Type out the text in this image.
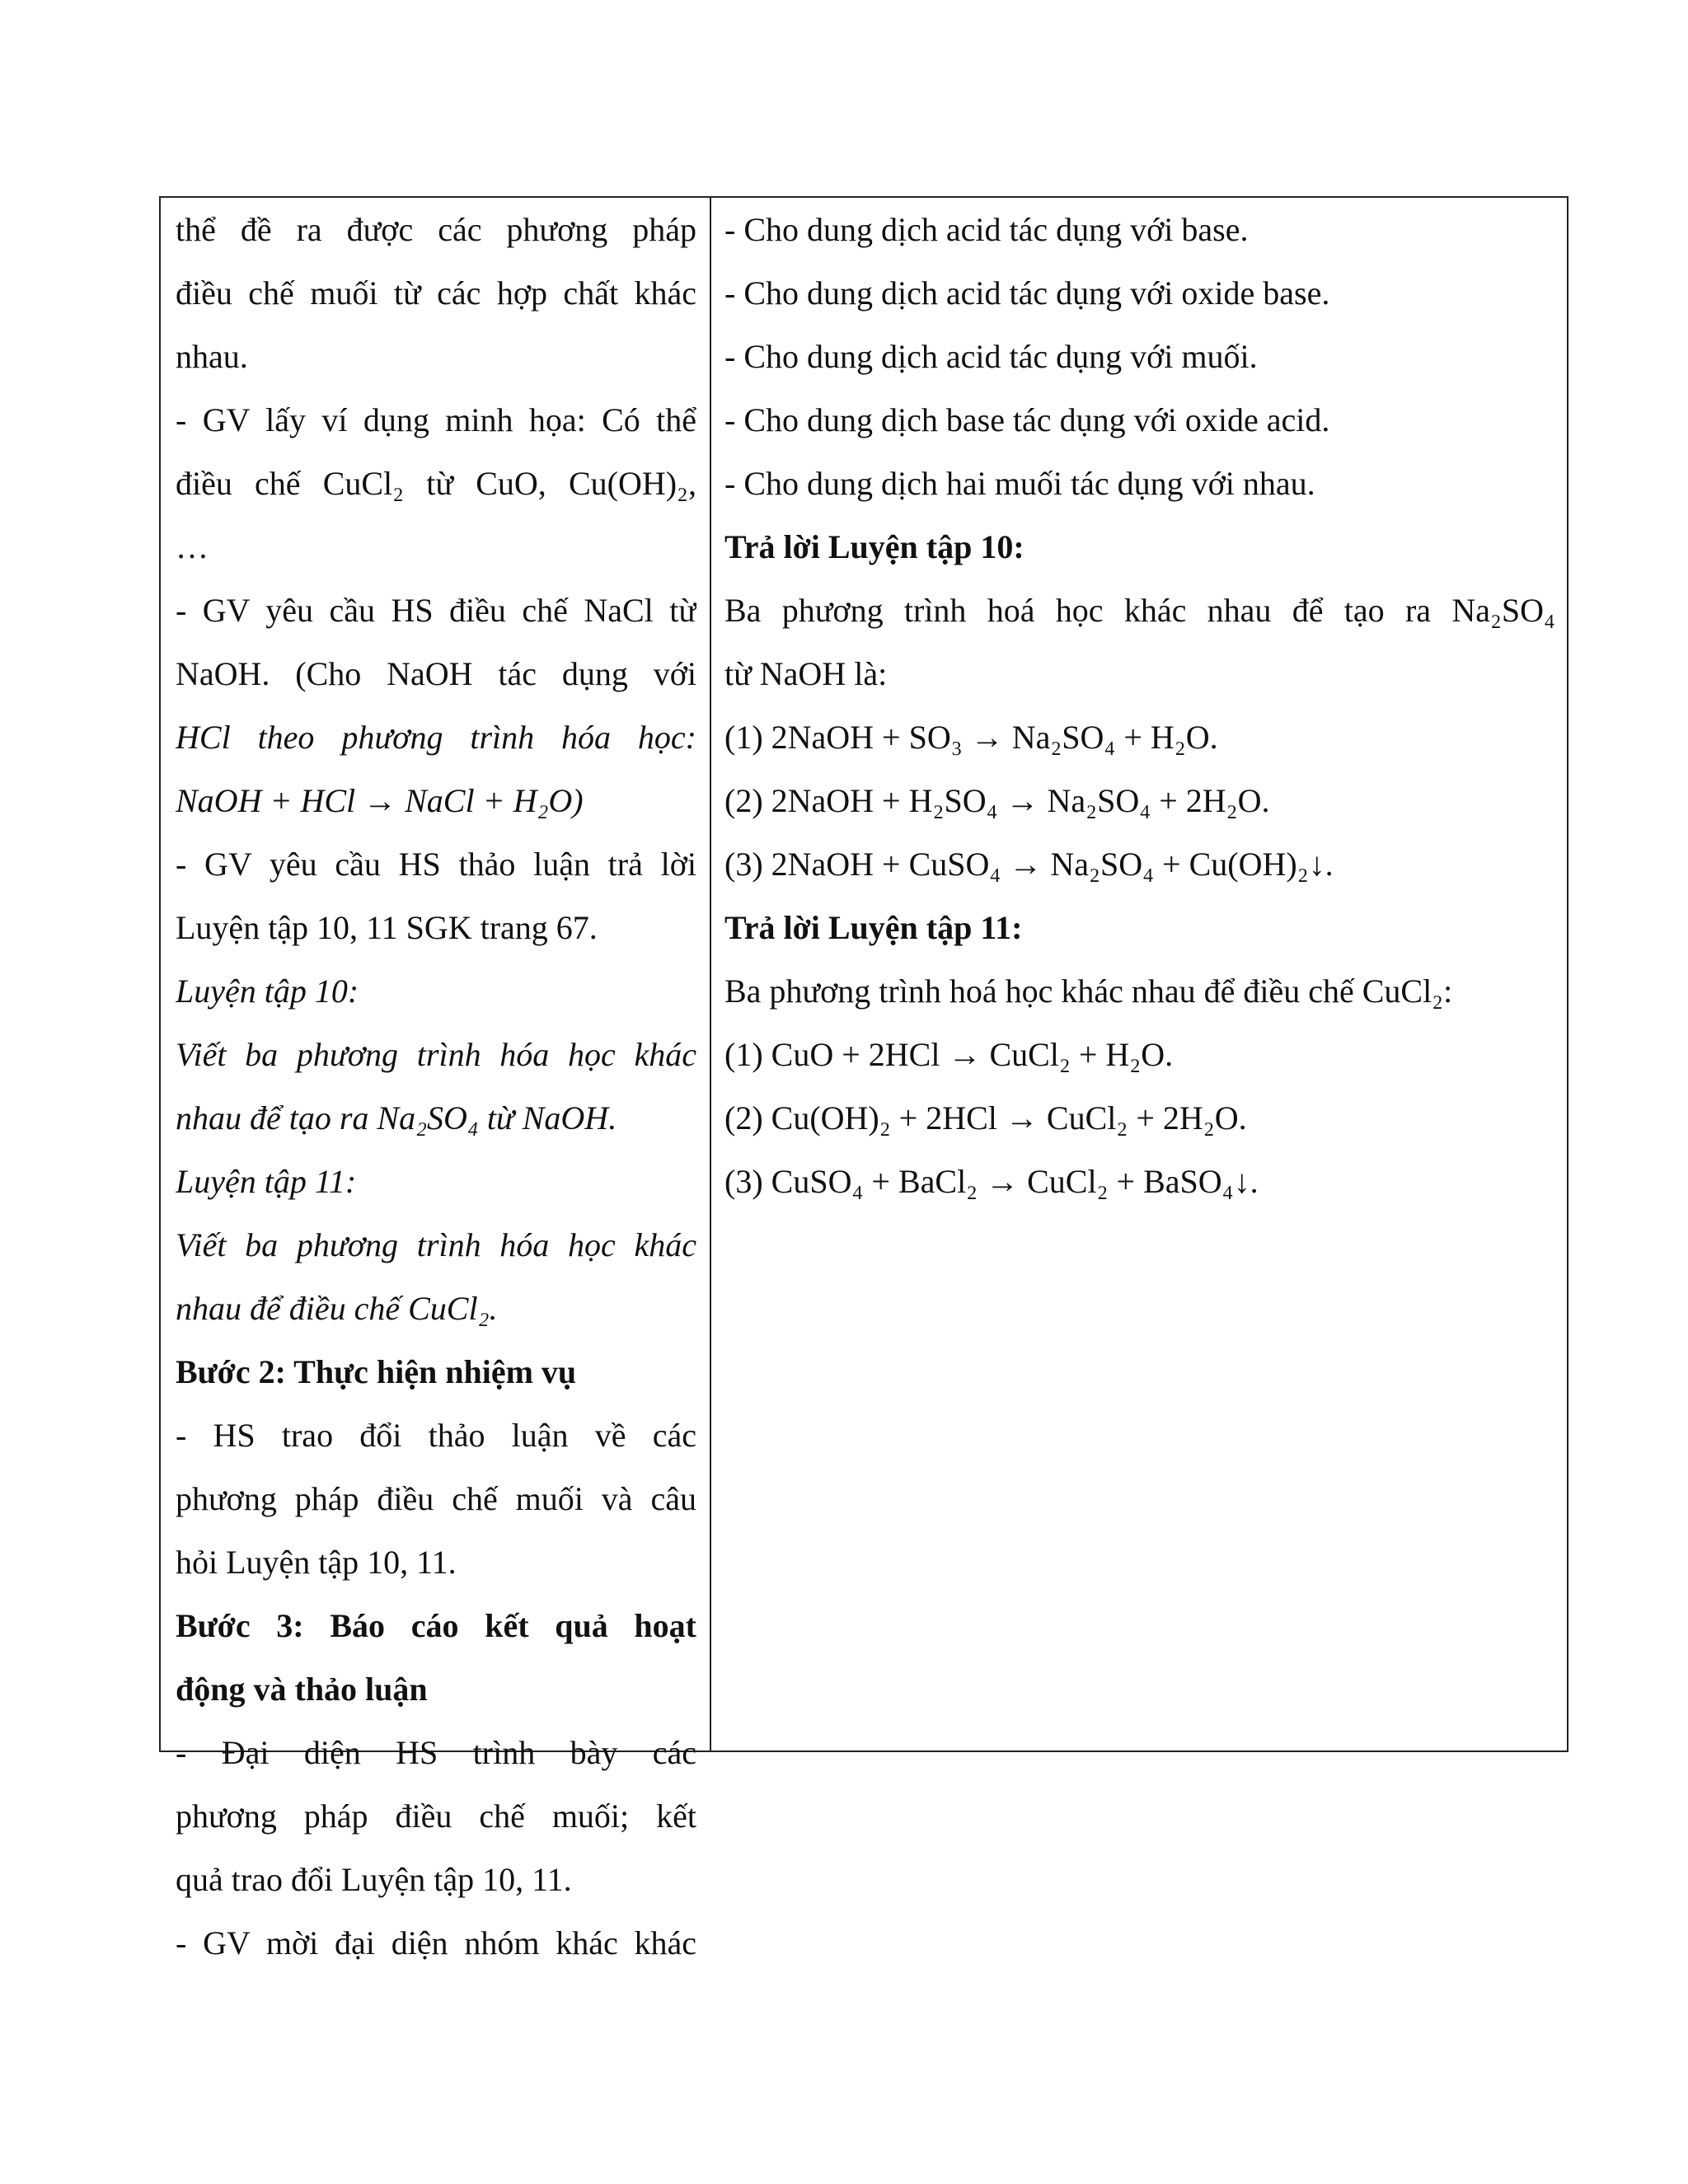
thể đề ra được các phương pháp
điều chế muối từ các hợp chất khác
nhau.
- GV lấy ví dụng minh họa: Có thể
điều chế CuCl₂ từ CuO, Cu(OH)₂,
…
- GV yêu cầu HS điều chế NaCl từ
NaOH. (Cho NaOH tác dụng với
HCl theo phương trình hóa học:
NaOH + HCl → NaCl + H₂O)
- GV yêu cầu HS thảo luận trả lời
Luyện tập 10, 11 SGK trang 67.
Luyện tập 10:
Viết ba phương trình hóa học khác
nhau để tạo ra Na₂SO₄ từ NaOH.
Luyện tập 11:
Viết ba phương trình hóa học khác
nhau để điều chế CuCl₂.
Bước 2: Thực hiện nhiệm vụ
- HS trao đổi thảo luận về các
phương pháp điều chế muối và câu
hỏi Luyện tập 10, 11.
Bước 3: Báo cáo kết quả hoạt
động và thảo luận
- Đại diện HS trình bày các
phương pháp điều chế muối; kết
quả trao đổi Luyện tập 10, 11.
- GV mời đại diện nhóm khác khác
- Cho dung dịch acid tác dụng với base.
- Cho dung dịch acid tác dụng với oxide base.
- Cho dung dịch acid tác dụng với muối.
- Cho dung dịch base tác dụng với oxide acid.
- Cho dung dịch hai muối tác dụng với nhau.
Trả lời Luyện tập 10:
Ba phương trình hoá học khác nhau để tạo ra Na₂SO₄
từ NaOH là:
(1) 2NaOH + SO₃ → Na₂SO₄ + H₂O.
(2) 2NaOH + H₂SO₄ → Na₂SO₄ + 2H₂O.
(3) 2NaOH + CuSO₄ → Na₂SO₄ + Cu(OH)₂↓.
Trả lời Luyện tập 11:
Ba phương trình hoá học khác nhau để điều chế CuCl₂:
(1) CuO + 2HCl → CuCl₂ + H₂O.
(2) Cu(OH)₂ + 2HCl → CuCl₂ + 2H₂O.
(3) CuSO₄ + BaCl₂ → CuCl₂ + BaSO₄↓.
